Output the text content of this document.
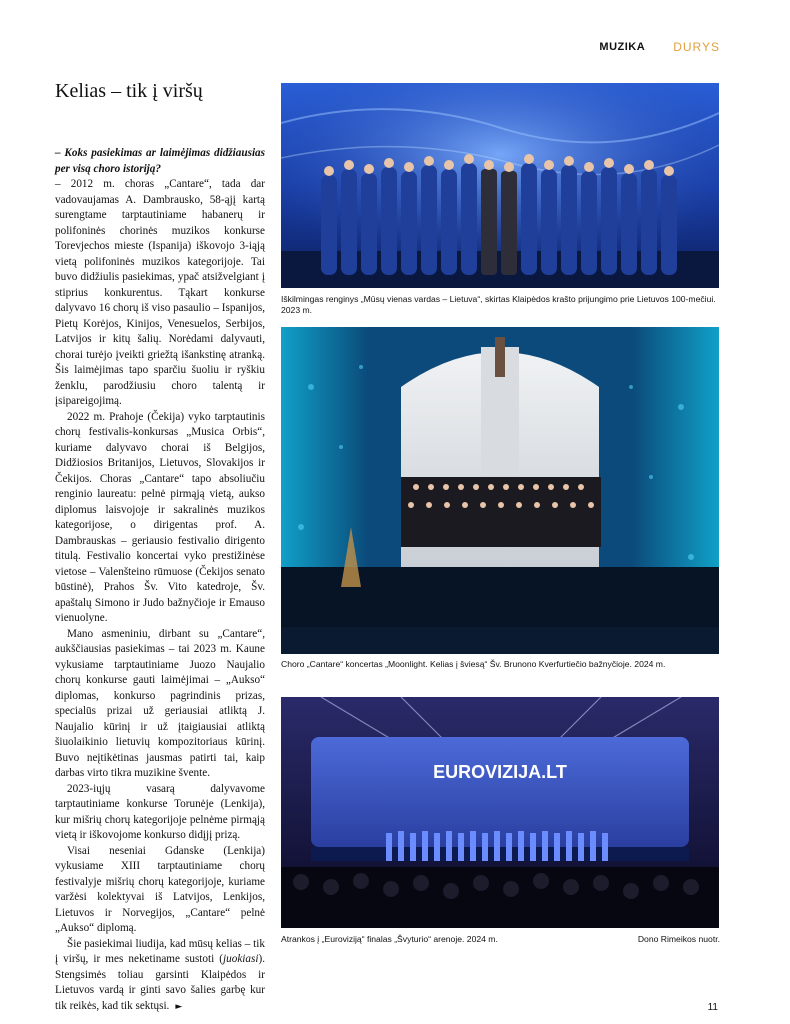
MUZIKA DURYS
Kelias – tik į viršų

– Koks pasiekimas ar laimėjimas didžiausias per visą choro istoriją?

– 2012 m. choras „Cantare“, tada dar vadovaujamas A. Dambrausko, 58-ąjį kartą surengtame tarptautiniame habanerų ir polifoninės chorinės muzikos konkurse Torevjechos mieste (Ispanija) iškovojo 3-iąją vietą polifoninės muzikos kategorijoje. Tai buvo didžiulis pasiekimas, ypač atsižvelgiant į stiprius konkurentus. Tąkart konkurse dalyvavo 16 chorų iš viso pasaulio – Ispanijos, Pietų Korėjos, Kinijos, Venesuelos, Serbijos, Latvijos ir kitų šalių. Norėdami dalyvauti, chorai turėjo įveikti griežtą išankstinę atranką. Šis laimėjimas tapo sparčiu šuoliu ir ryškiu ženklu, parodžiusiu choro talentą ir įsipareigojimą.

2022 m. Prahoje (Čekija) vyko tarptautinis chorų festivalis-konkursas „Musica Orbis“, kuriame dalyvavo chorai iš Belgijos, Didžiosios Britanijos, Lietuvos, Slovakijos ir Čekijos. Choras „Cantare“ tapo absoliučiu renginio laureatu: pelnė pirmąją vietą, aukso diplomus laisvojoje ir sakralinės muzikos kategorijose, o dirigentas prof. A. Dambrauskas – geriausio festivalio dirigento titulą. Festivalio koncertai vyko prestižinėse vietose – Valenšteino rūmuose (Čekijos senato būstinė), Prahos Šv. Vito katedroje, Šv. apaštalų Simono ir Judo bažnyčioje ir Emauso vienuolyne.

Mano asmeniniu, dirbant su „Cantare“, aukščiausias pasiekimas – tai 2023 m. Kaune vykusiame tarptautiniame Juozo Naujalio chorų konkurse gauti laimėjimai – „Aukso“ diplomas, konkurso pagrindinis prizas, specialūs prizai už geriausiai atliktą J. Naujalio kūrinį ir už įtaigiausiai atliktą šiuolaikinio lietuvių kompozitoriaus kūrinį. Buvo neįtikėtinas jausmas patirti tai, kaip darbas virto tikra muzikine švente.

2023-iųjų vasarą dalyvavome tarptautiniame konkurse Torunėje (Lenkija), kur mišrių chorų kategorijoje pelnėme pirmąją vietą ir iškovojome konkurso didįjį prizą.

Visai neseniai Gdanske (Lenkija) vykusiame XIII tarptautiniame chorų festivalyje mišrių chorų kategorijoje, kuriame varžėsi kolektyvai iš Latvijos, Lenkijos, Lietuvos ir Norvegijos, „Cantare“ pelnė „Aukso“ diplomą.

Šie pasiekimai liudija, kad mūsų kelias – tik į viršų, ir mes neketiname sustoti (juokiasi). Stengsimės toliau garsinti Klaipėdos ir Lietuvos vardą ir ginti savo šalies garbę kur tik reikės, kad tik sektųsi. ►

Iškilmingas renginys „Mūsų vienas vardas – Lietuva“, skirtas Klaipėdos krašto prijungimo prie Lietuvos 100-mečiui. 2023 m.
Choro „Cantare“ koncertas „Moonlight. Kelias į šviesą“ Šv. Brunono Kverfurtiečio bažnyčioje. 2024 m.
EUROVIZIJA.LT
Atrankos į „Euroviziją“ finalas „Švyturio“ arenoje. 2024 m.	Dono Rimeikos nuotr.
11
